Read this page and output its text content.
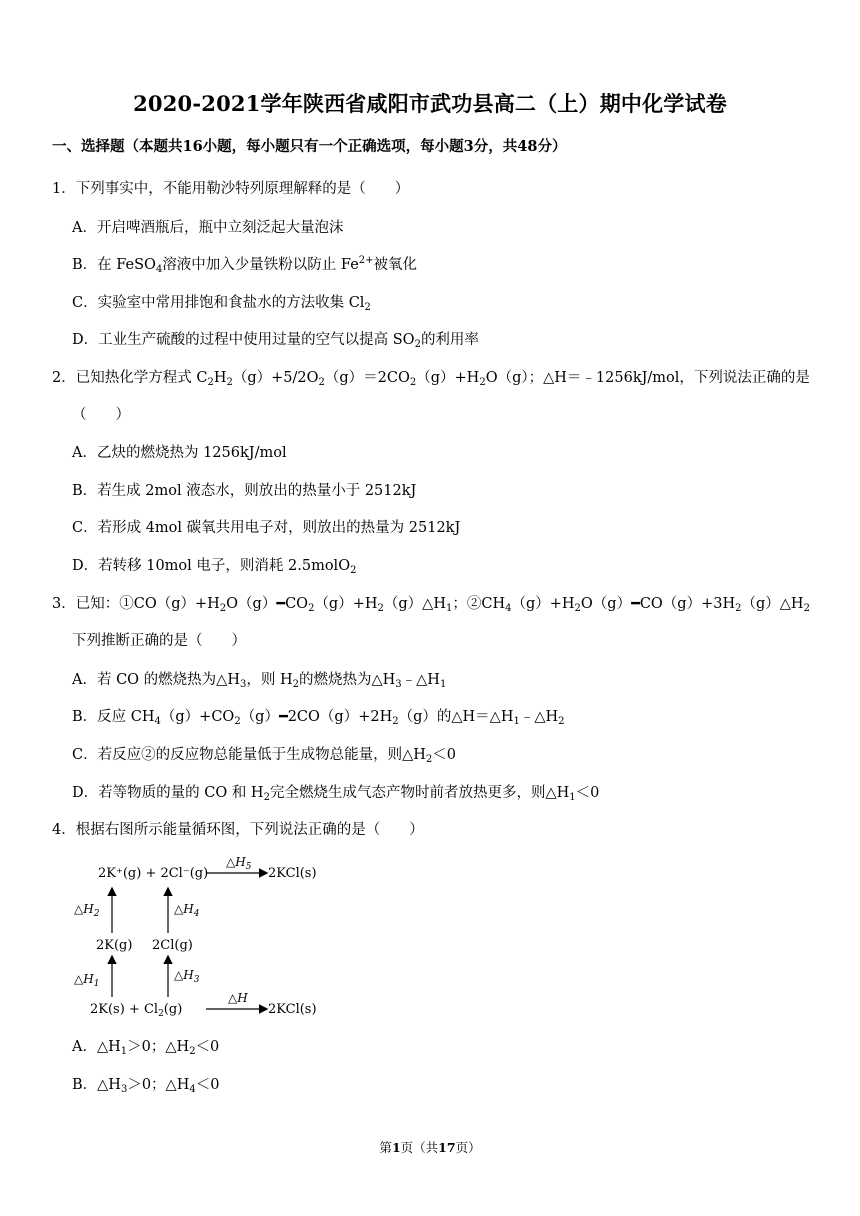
2020-2021学年陕西省咸阳市武功县高二（上）期中化学试卷
一、选择题（本题共16小题，每小题只有一个正确选项，每小题3分，共48分）
1．下列事实中，不能用勒沙特列原理解释的是（　　）
A．开启啤酒瓶后，瓶中立刻泛起大量泡沫
B．在 FeSO$_4$溶液中加入少量铁粉以防止 $Fe^{2+}$被氧化
C．实验室中常用排饱和食盐水的方法收集 $Cl_2$
D．工业生产硫酸的过程中使用过量的空气以提高 $SO_2$的利用率
2．已知热化学方程式 $C_2H_2(g)+5/2O_2(g)=2CO_2(g)+H_2O(g)$；△H＝﹣1256kJ/mol，下列说法正确的是
（　　）
A．乙炔的燃烧热为 1256kJ/mol
B．若生成 2mol 液态水，则放出的热量小于 2512kJ
C．若形成 4mol 碳氧共用电子对，则放出的热量为 2512kJ
D．若转移 10mol 电子，则消耗 2.5molO$_2$
3．已知：$①CO(g)+H_2O(g)━CO_2(g)+H_2(g)\triangle H_1$；$②CH_4(g)+H_2O(g)━CO(g)+3H_2(g)\triangle H_2$
下列推断正确的是（　　）
A．若 CO 的燃烧热为$\triangle H_3$，则 $H_2$的燃烧热为$\triangle H_3﹣\triangle H_1$
B．反应 $CH_4(g)+CO_2(g)━2CO(g)+2H_2(g)$的$\triangle H=\triangle H_1﹣\triangle H_2$
C．若反应②的反应物总能量低于生成物总能量，则$\triangle H_2<0$
D．若等物质的量的 CO 和 $H_2$完全燃烧生成气态产物时前者放热更多，则$\triangle H_1<0$
4．根据右图所示能量循环图，下列说法正确的是（　　）
2K⁺(g) + 2Cl⁻(g)
$\triangle H_5$ 2KCl(s)
$\triangle H_2$	$\triangle H_4$
2K(g) 2Cl(g)
$\triangle H_1$
$\triangle H_3$
$2K(s) + Cl_2(g)$
△H
2KCl(s)
A．$\triangle H_1>0$；$\triangle H_2<0$
B．$\triangle H_3>0$；$\triangle H_4<0$
第1页（共17页）
